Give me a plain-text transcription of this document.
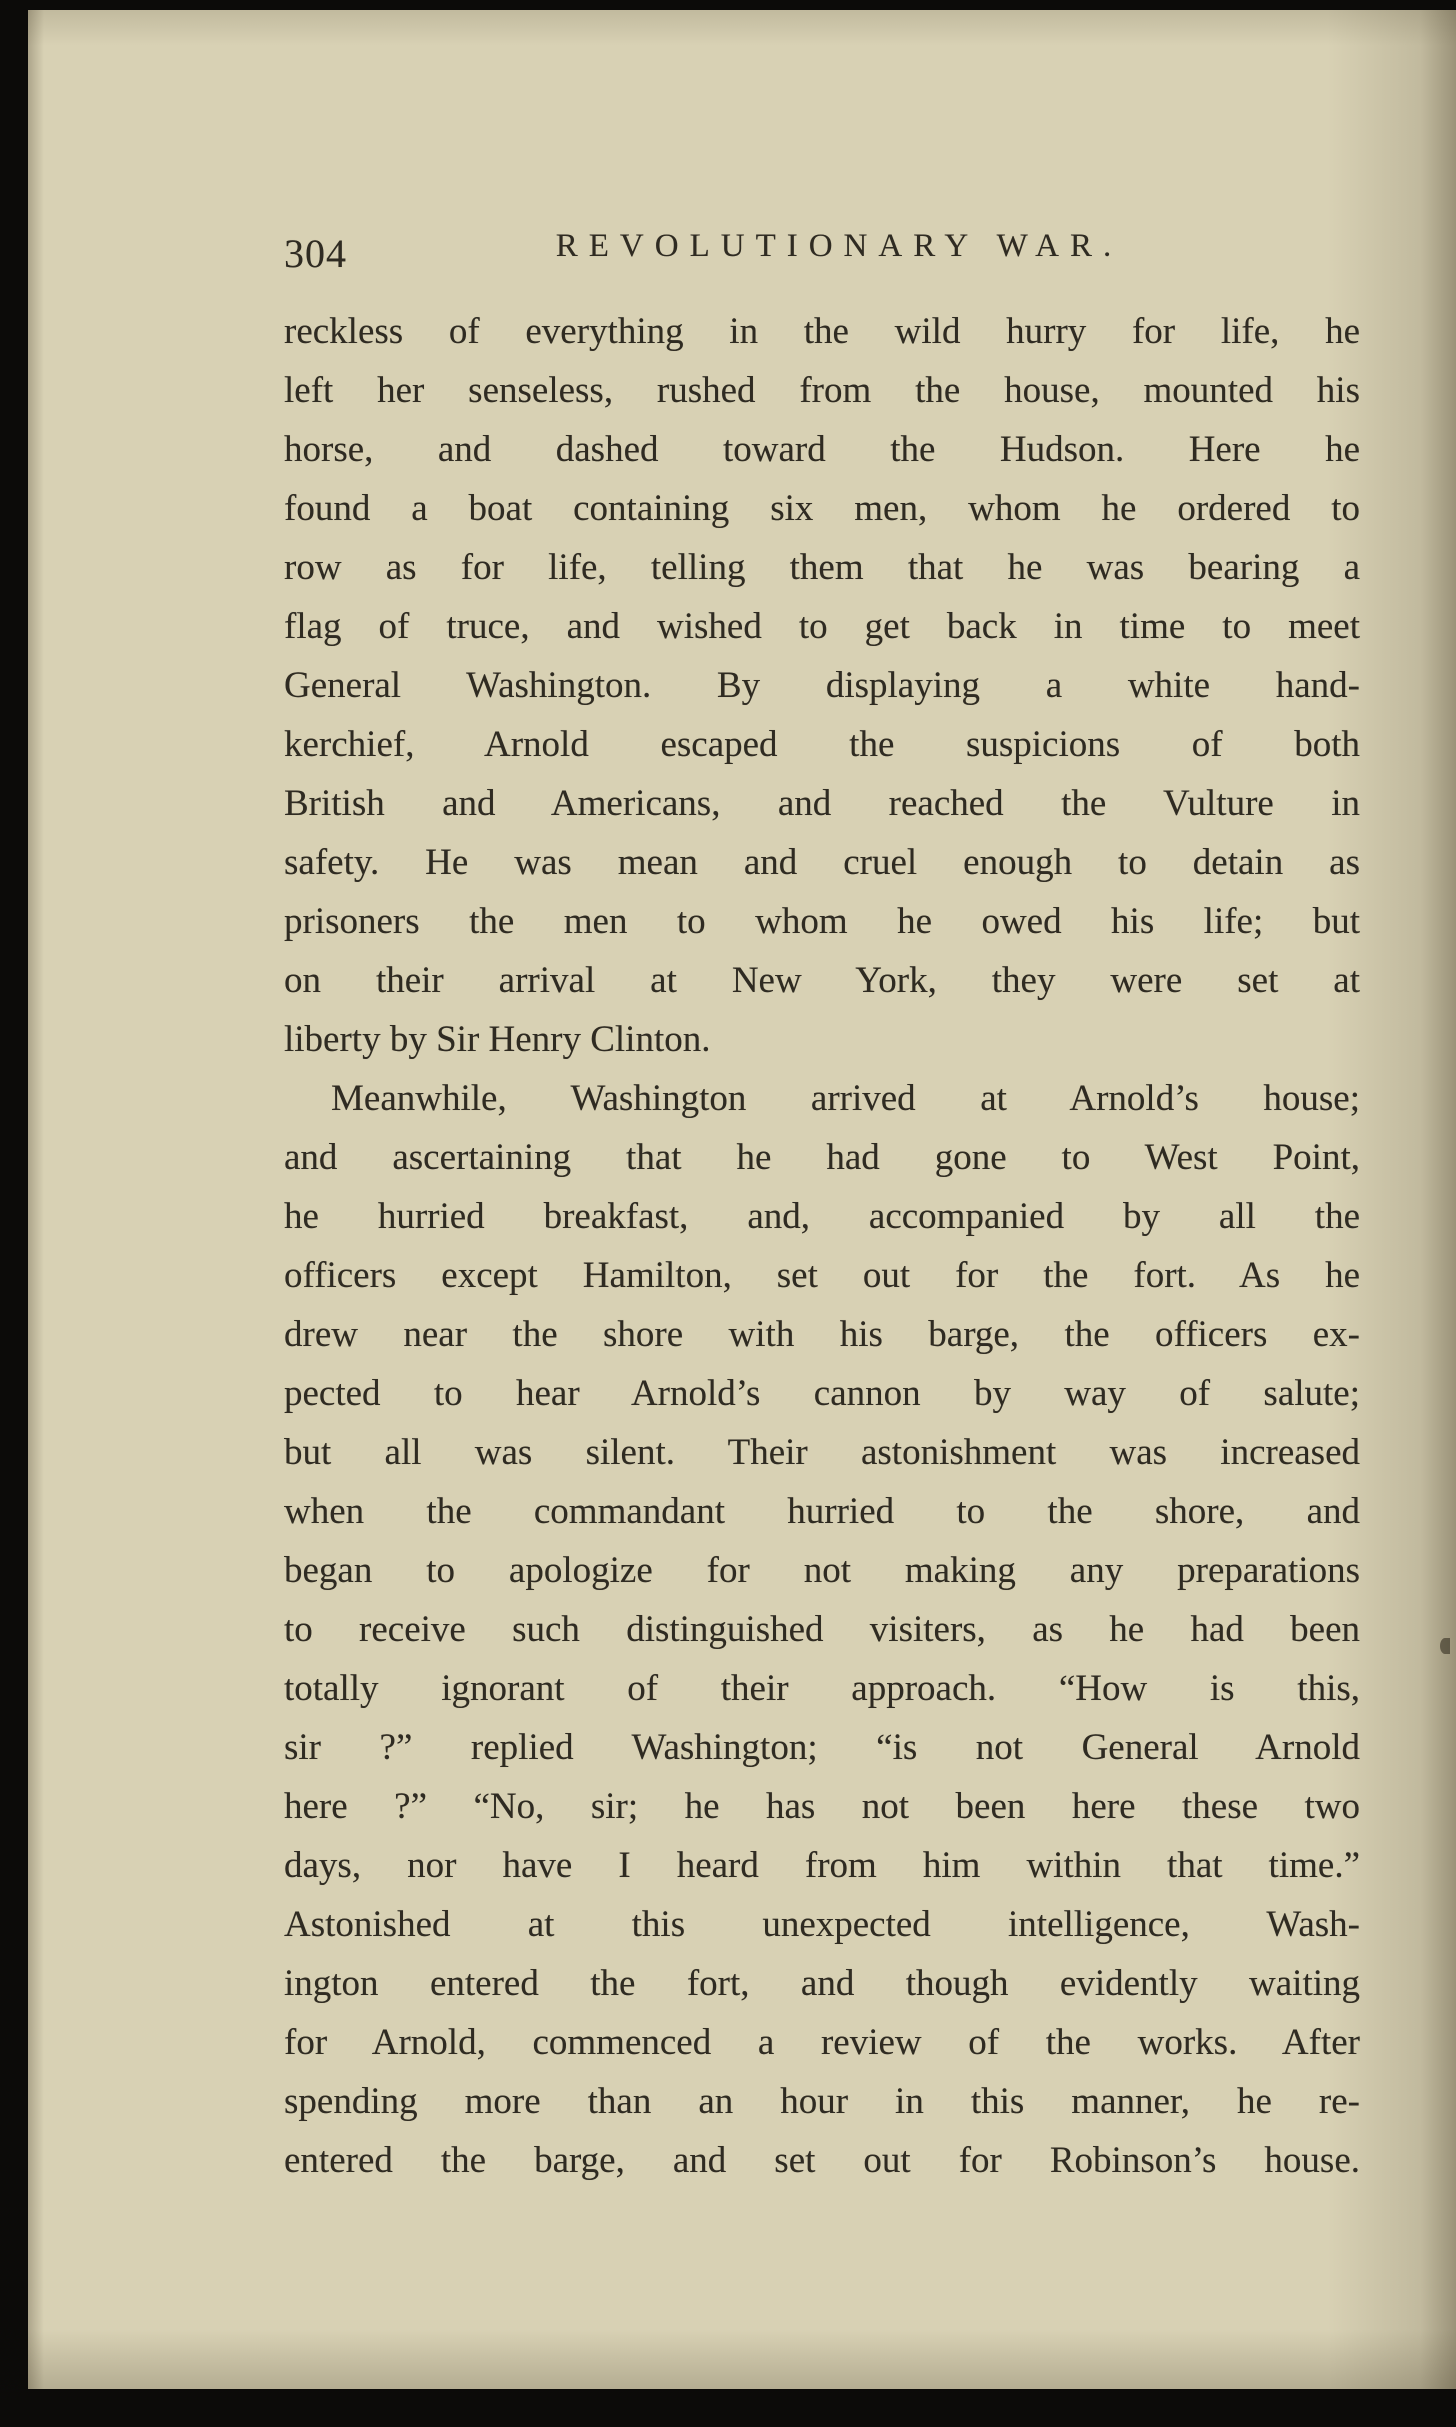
304	REVOLUTIONARY WAR.
reckless of everything in the wild hurry for life, he
left her senseless, rushed from the house, mounted his
horse, and dashed toward the Hudson. Here he
found a boat containing six men, whom he ordered to
row as for life, telling them that he was bearing a
flag of truce, and wished to get back in time to meet
General Washington. By displaying a white hand-
kerchief, Arnold escaped the suspicions of both
British and Americans, and reached the Vulture in
safety. He was mean and cruel enough to detain as
prisoners the men to whom he owed his life; but
on their arrival at New York, they were set at
liberty by Sir Henry Clinton.
Meanwhile, Washington arrived at Arnold’s house;
and ascertaining that he had gone to West Point,
he hurried breakfast, and, accompanied by all the
officers except Hamilton, set out for the fort. As he
drew near the shore with his barge, the officers ex-
pected to hear Arnold’s cannon by way of salute;
but all was silent. Their astonishment was increased
when the commandant hurried to the shore, and
began to apologize for not making any preparations
to receive such distinguished visiters, as he had been
totally ignorant of their approach. “How is this,
sir ?” replied Washington; “is not General Arnold
here ?” “No, sir; he has not been here these two
days, nor have I heard from him within that time.”
Astonished at this unexpected intelligence, Wash-
ington entered the fort, and though evidently waiting
for Arnold, commenced a review of the works. After
spending more than an hour in this manner, he re-
entered the barge, and set out for Robinson’s house.
